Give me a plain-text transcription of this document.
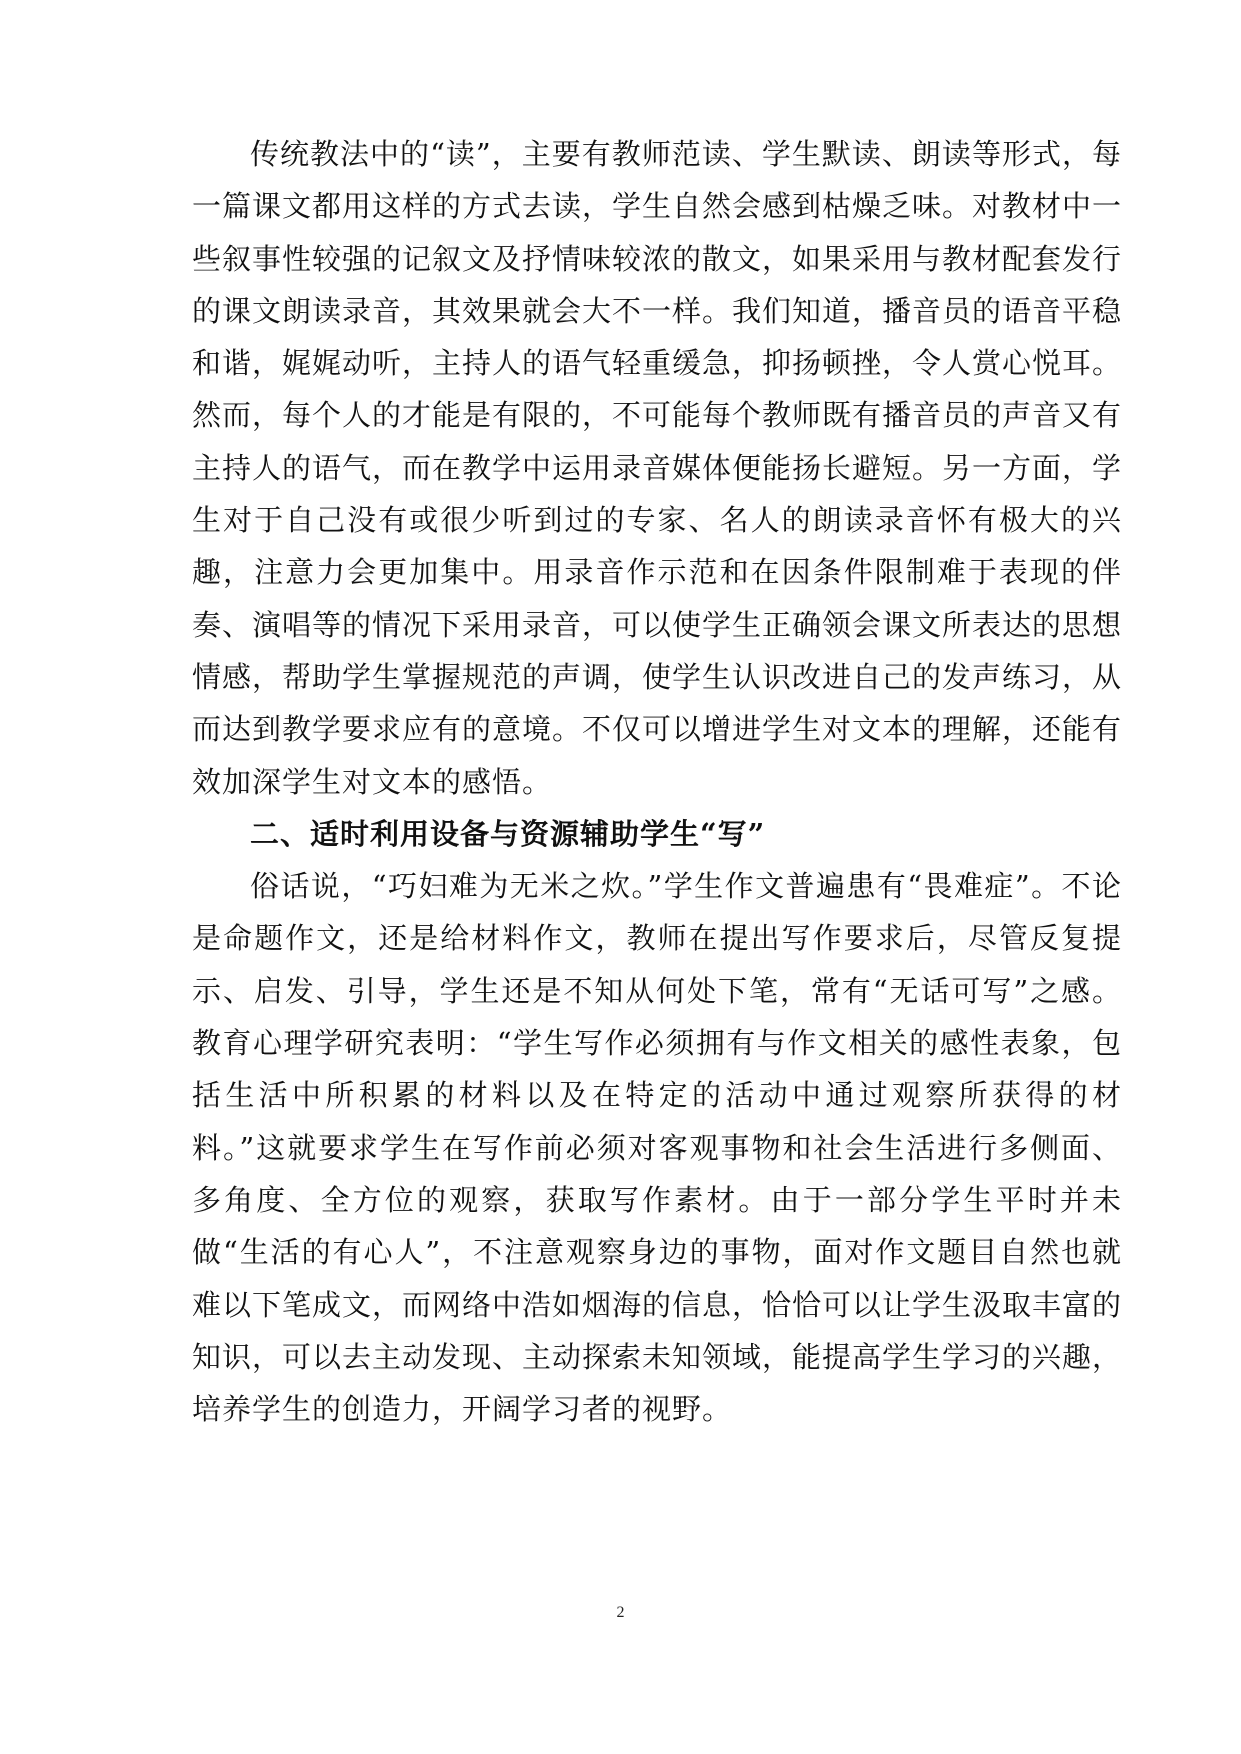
传统教法中的“读”，主要有教师范读、学生默读、朗读等形式，每一篇课文都用这样的方式去读，学生自然会感到枯燥乏味。对教材中一些叙事性较强的记叙文及抒情味较浓的散文，如果采用与教材配套发行的课文朗读录音，其效果就会大不一样。我们知道，播音员的语音平稳和谐，娓娓动听，主持人的语气轻重缓急，抑扬顿挫，令人赏心悦耳。然而，每个人的才能是有限的，不可能每个教师既有播音员的声音又有主持人的语气，而在教学中运用录音媒体便能扬长避短。另一方面，学生对于自己没有或很少听到过的专家、名人的朗读录音怀有极大的兴趣，注意力会更加集中。用录音作示范和在因条件限制难于表现的伴奏、演唱等的情况下采用录音，可以使学生正确领会课文所表达的思想情感，帮助学生掌握规范的声调，使学生认识改进自己的发声练习，从而达到教学要求应有的意境。不仅可以增进学生对文本的理解，还能有效加深学生对文本的感悟。

二、适时利用设备与资源辅助学生“写”

俗话说，“巧妇难为无米之炊。”学生作文普遍患有“畏难症”。不论是命题作文，还是给材料作文，教师在提出写作要求后，尽管反复提示、启发、引导，学生还是不知从何处下笔，常有“无话可写”之感。教育心理学研究表明：“学生写作必须拥有与作文相关的感性表象，包括生活中所积累的材料以及在特定的活动中通过观察所获得的材料。”这就要求学生在写作前必须对客观事物和社会生活进行多侧面、多角度、全方位的观察，获取写作素材。由于一部分学生平时并未做“生活的有心人”，不注意观察身边的事物，面对作文题目自然也就难以下笔成文，而网络中浩如烟海的信息，恰恰可以让学生汲取丰富的知识，可以去主动发现、主动探索未知领域，能提高学生学习的兴趣，培养学生的创造力，开阔学习者的视野。

2
